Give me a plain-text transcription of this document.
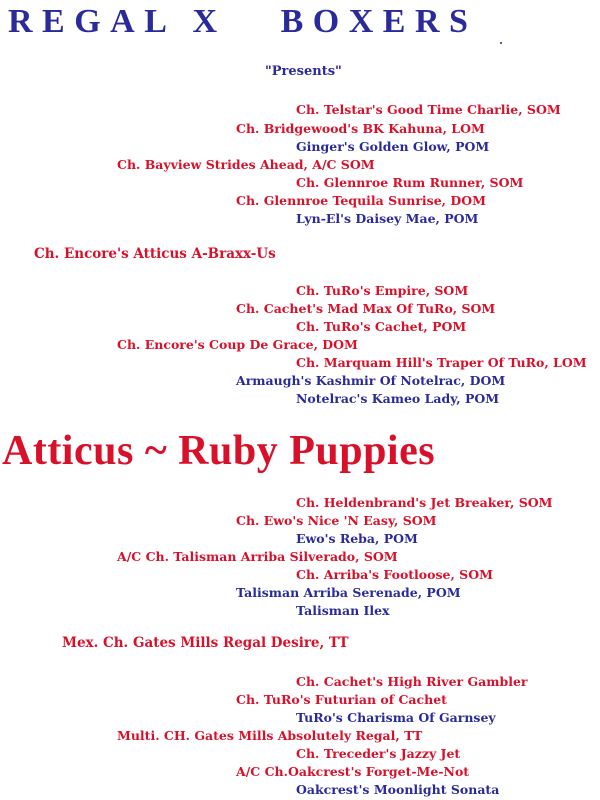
REGAL X   BOXERS
"Presents"
Ch. Telstar's Good Time Charlie, SOM
Ch. Bridgewood's BK Kahuna, LOM
Ginger's Golden Glow, POM
Ch. Bayview Strides Ahead, A/C SOM
Ch. Glennroe Rum Runner, SOM
Ch. Glennroe Tequila Sunrise, DOM
Lyn-El's Daisey Mae, POM
Ch. Encore's Atticus A-Braxx-Us
Ch. TuRo's Empire, SOM
Ch. Cachet's Mad Max Of TuRo, SOM
Ch. TuRo's Cachet, POM
Ch. Encore's Coup De Grace, DOM
Ch. Marquam Hill's Traper Of TuRo, LOM
Armaugh's Kashmir Of Notelrac, DOM
Notelrac's Kameo Lady, POM
Atticus ~ Ruby Puppies
Ch. Heldenbrand's Jet Breaker, SOM
Ch. Ewo's Nice 'N Easy, SOM
Ewo's Reba, POM
A/C Ch. Talisman Arriba Silverado, SOM
Ch. Arriba's Footloose, SOM
Talisman Arriba Serenade, POM
Talisman Ilex
Mex. Ch. Gates Mills Regal Desire, TT
Ch. Cachet's High River Gambler
Ch. TuRo's Futurian of Cachet
TuRo's Charisma Of Garnsey
Multi. CH. Gates Mills Absolutely Regal, TT
Ch. Treceder's Jazzy Jet
A/C Ch.Oakcrest's Forget-Me-Not
Oakcrest's Moonlight Sonata
